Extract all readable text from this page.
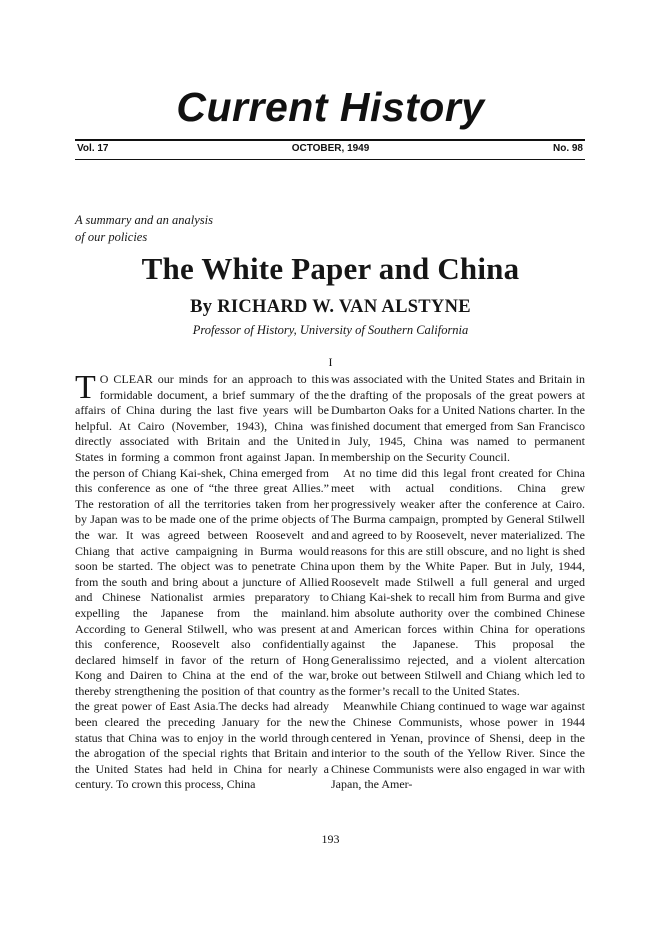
Current History
Vol. 17	OCTOBER, 1949	No. 98
A summary and an analysis
of our policies
The White Paper and China
By RICHARD W. VAN ALSTYNE
Professor of History, University of Southern California
I
T O CLEAR our minds for an approach to this formidable document, a brief summary of the affairs of China during the last five years will be helpful. At Cairo (November, 1943), China was directly associated with Britain and the United States in forming a common front against Japan. In the person of Chiang Kai-shek, China emerged from this conference as one of “the three great Allies.” The restoration of all the territories taken from her by Japan was to be made one of the prime objects of the war. It was agreed between Roosevelt and Chiang that active campaigning in Burma would soon be started. The object was to penetrate China from the south and bring about a juncture of Allied and Chinese Nationalist armies preparatory to expelling the Japanese from the mainland. According to General Stilwell, who was present at this conference, Roosevelt also confidentially declared himself in favor of the return of Hong Kong and Dairen to China at the end of the war, thereby strengthening the position of that country as the great power of East Asia.The decks had already been cleared the preceding January for the new status that China was to enjoy in the world through the abrogation of the special rights that Britain and the United States had held in China for nearly a century. To crown this process, China

was associated with the United States and Britain in the drafting of the proposals of the great powers at Dumbarton Oaks for a United Nations charter. In the finished document that emerged from San Francisco in July, 1945, China was named to permanent membership on the Security Council.

At no time did this legal front created for China meet with actual conditions. China grew progressively weaker after the conference at Cairo. The Burma campaign, prompted by General Stilwell and agreed to by Roosevelt, never materialized. The reasons for this are still obscure, and no light is shed upon them by the White Paper. But in July, 1944, Roosevelt made Stilwell a full general and urged Chiang Kai-shek to recall him from Burma and give him absolute authority over the combined Chinese and American forces within China for operations against the Japanese. This proposal the Generalissimo rejected, and a violent altercation broke out between Stilwell and Chiang which led to the former’s recall to the United States.

Meanwhile Chiang continued to wage war against the Chinese Communists, whose power in 1944 centered in Yenan, province of Shensi, deep in the interior to the south of the Yellow River. Since the Chinese Communists were also engaged in war with Japan, the Amer-

193
